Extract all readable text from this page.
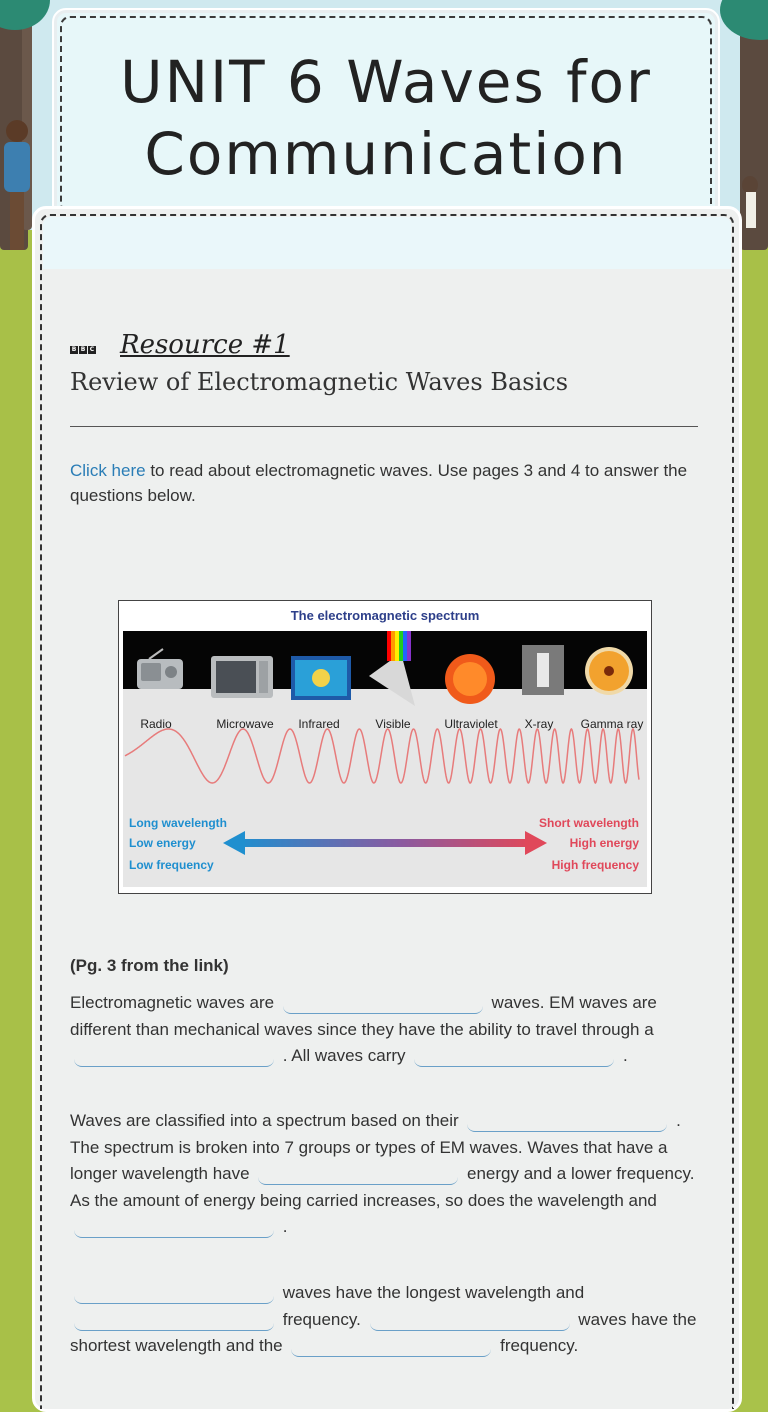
UNIT 6 Waves for
Communication
B B C Resource #1
Review of Electromagnetic Waves Basics
Click here to read about electromagnetic waves. Use pages 3 and 4 to answer the questions below.
The electromagnetic spectrum
Radio	Microwave Infrared	Visible	Ultraviolet X-ray Gamma ray
Long wavelength
Low energy
Low frequency
Short wavelength
High energy
High frequency
(Pg. 3 from the link)
Electromagnetic waves are	waves. EM waves are different than mechanical waves since they have the ability to travel through a  . All waves carry	.
Waves are classified into a spectrum based on their	. The spectrum is broken into 7 groups or types of EM waves. Waves that have a longer wavelength have	energy and a lower frequency. As the amount of energy being carried increases, so does the wavelength and  .
waves have the longest wavelength and  frequency.	waves have the shortest wavelength and the	frequency.
